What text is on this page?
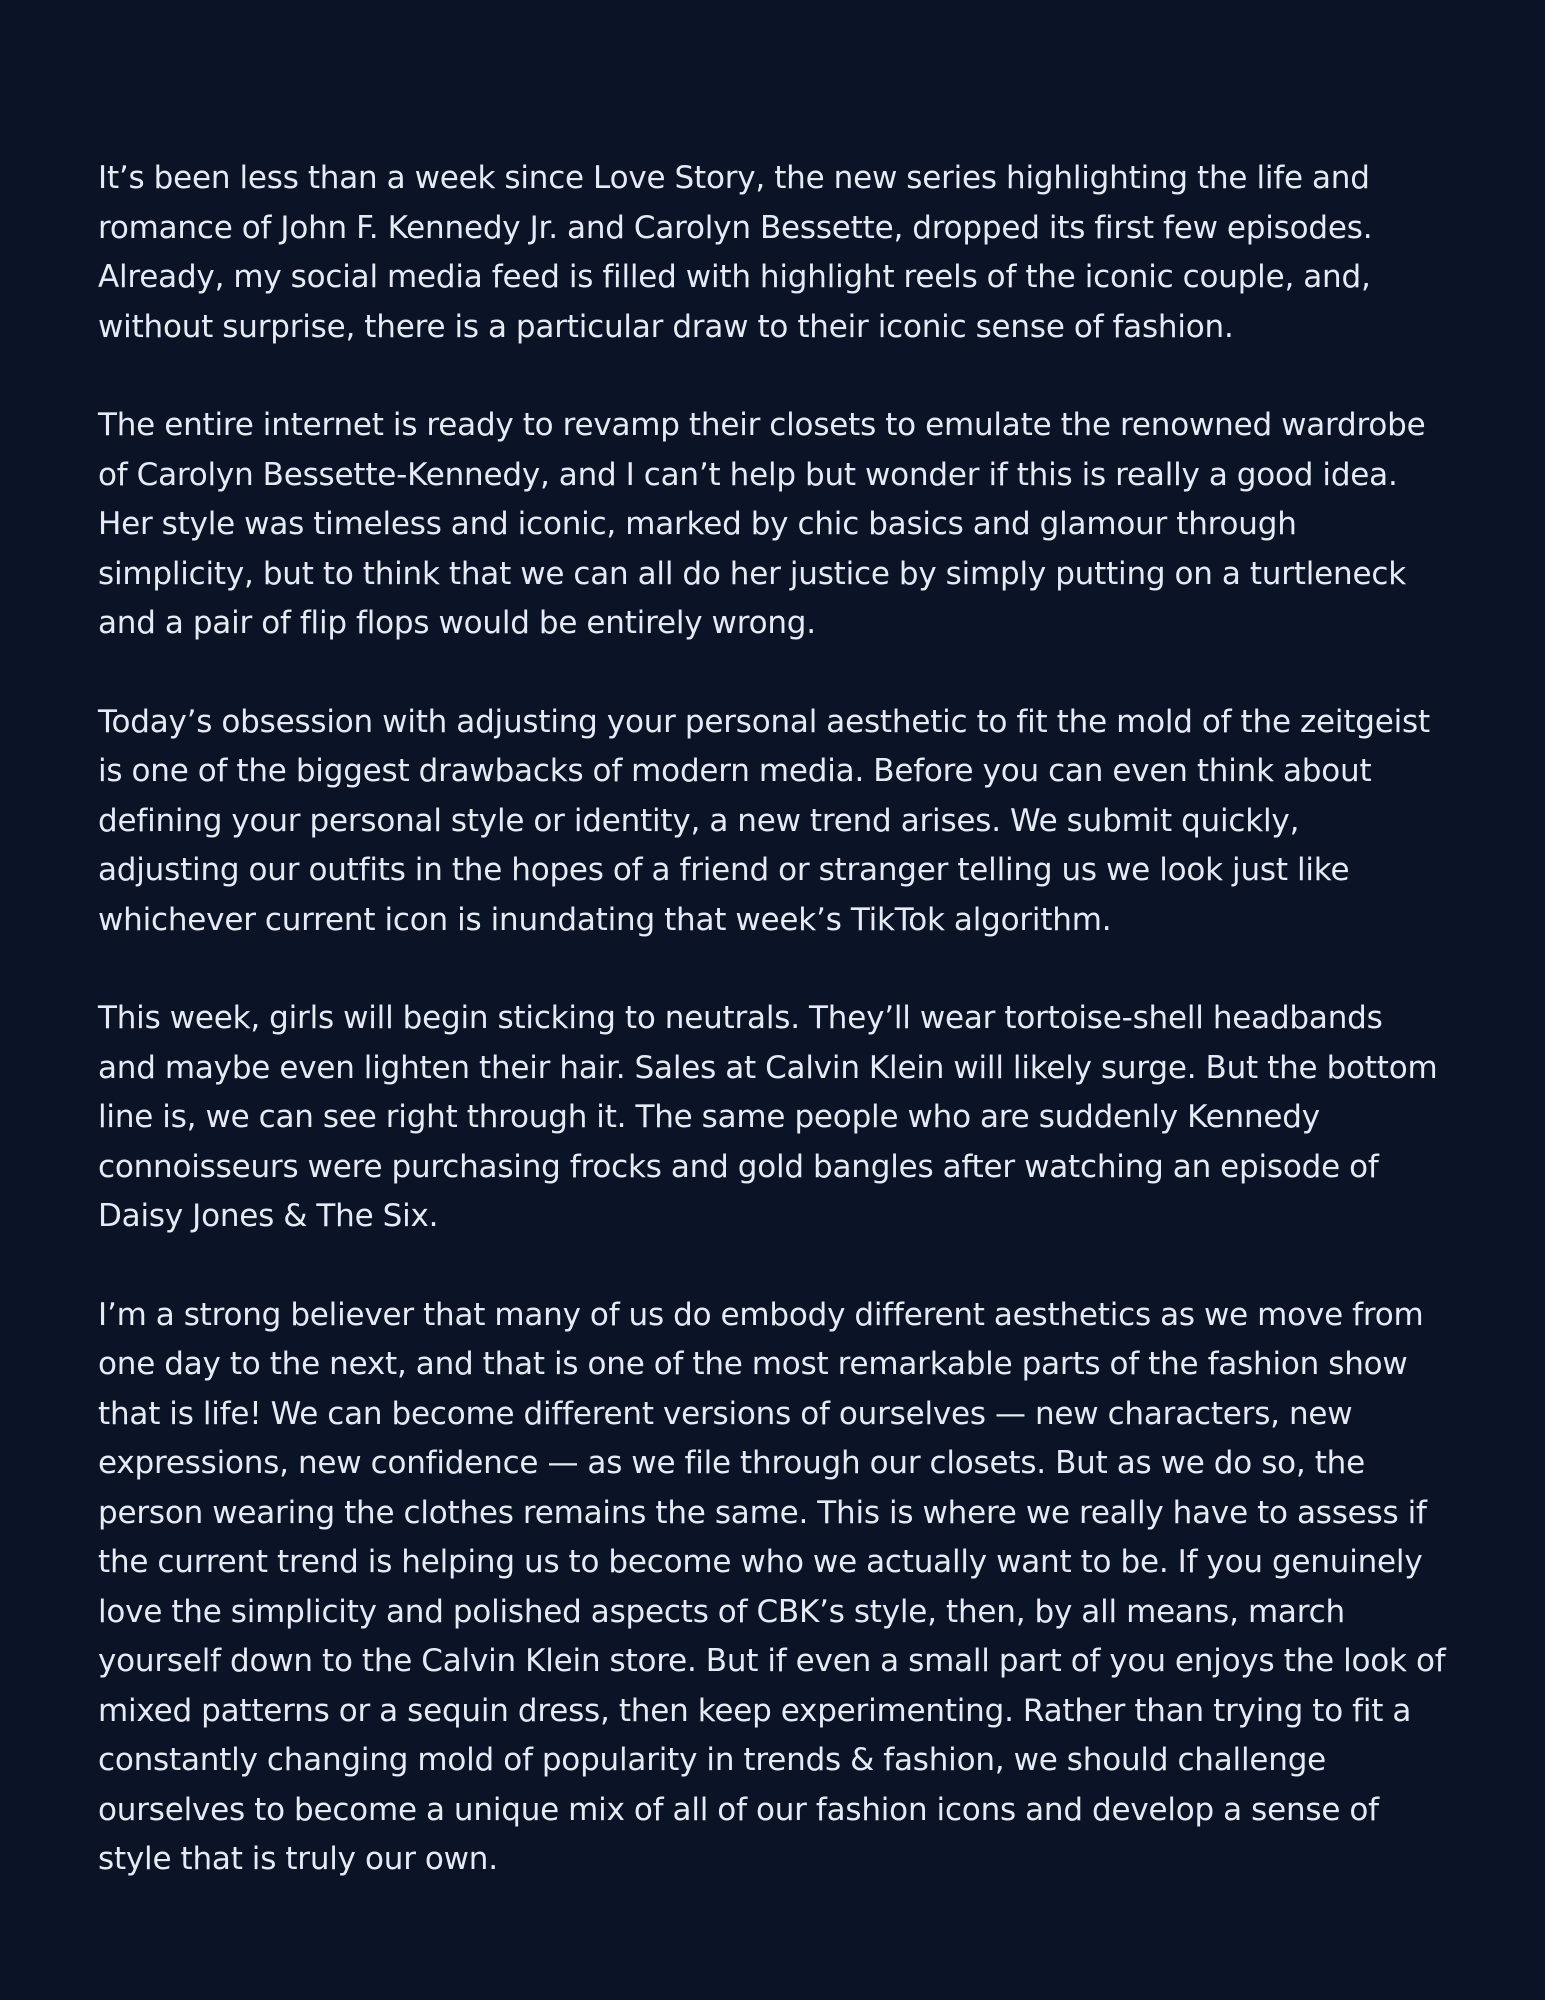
It’s been less than a week since Love Story, the new series highlighting the life and romance of John F. Kennedy Jr. and Carolyn Bessette, dropped its first few episodes. Already, my social media feed is filled with highlight reels of the iconic couple, and, without surprise, there is a particular draw to their iconic sense of fashion.

The entire internet is ready to revamp their closets to emulate the renowned wardrobe of Carolyn Bessette-Kennedy, and I can’t help but wonder if this is really a good idea. Her style was timeless and iconic, marked by chic basics and glamour through simplicity, but to think that we can all do her justice by simply putting on a turtleneck and a pair of flip flops would be entirely wrong.

Today’s obsession with adjusting your personal aesthetic to fit the mold of the zeitgeist is one of the biggest drawbacks of modern media. Before you can even think about defining your personal style or identity, a new trend arises. We submit quickly, adjusting our outfits in the hopes of a friend or stranger telling us we look just like whichever current icon is inundating that week’s TikTok algorithm.

This week, girls will begin sticking to neutrals. They’ll wear tortoise-shell headbands and maybe even lighten their hair. Sales at Calvin Klein will likely surge. But the bottom line is, we can see right through it. The same people who are suddenly Kennedy connoisseurs were purchasing frocks and gold bangles after watching an episode of Daisy Jones & The Six.

I’m a strong believer that many of us do embody different aesthetics as we move from one day to the next, and that is one of the most remarkable parts of the fashion show that is life! We can become different versions of ourselves — new characters, new expressions, new confidence — as we file through our closets. But as we do so, the person wearing the clothes remains the same. This is where we really have to assess if the current trend is helping us to become who we actually want to be. If you genuinely love the simplicity and polished aspects of CBK’s style, then, by all means, march yourself down to the Calvin Klein store. But if even a small part of you enjoys the look of mixed patterns or a sequin dress, then keep experimenting. Rather than trying to fit a constantly changing mold of popularity in trends & fashion, we should challenge ourselves to become a unique mix of all of our fashion icons and develop a sense of style that is truly our own.
